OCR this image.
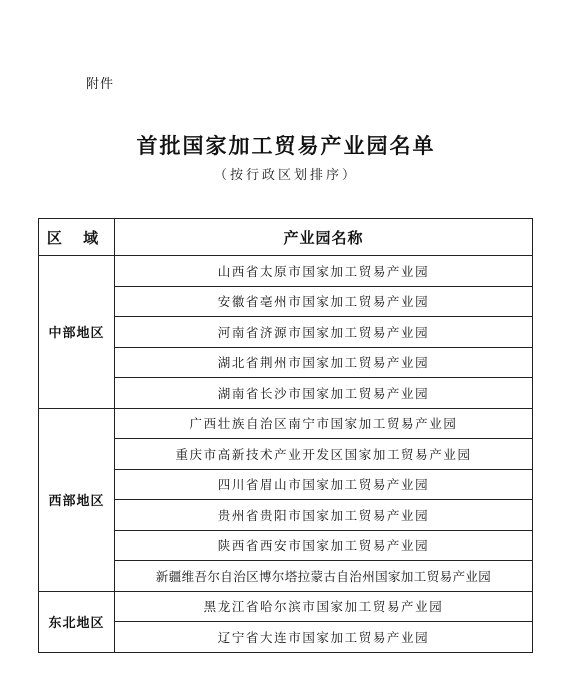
附件
首批国家加工贸易产业园名单
（按行政区划排序）
区 域	产业园名称
中部地区	山西省太原市国家加工贸易产业园
	安徽省亳州市国家加工贸易产业园
	河南省济源市国家加工贸易产业园
	湖北省荆州市国家加工贸易产业园
	湖南省长沙市国家加工贸易产业园
西部地区	广西壮族自治区南宁市国家加工贸易产业园
	重庆市高新技术产业开发区国家加工贸易产业园
	四川省眉山市国家加工贸易产业园
	贵州省贵阳市国家加工贸易产业园
	陕西省西安市国家加工贸易产业园
	新疆维吾尔自治区博尔塔拉蒙古自治州国家加工贸易产业园
东北地区	黑龙江省哈尔滨市国家加工贸易产业园
	辽宁省大连市国家加工贸易产业园
